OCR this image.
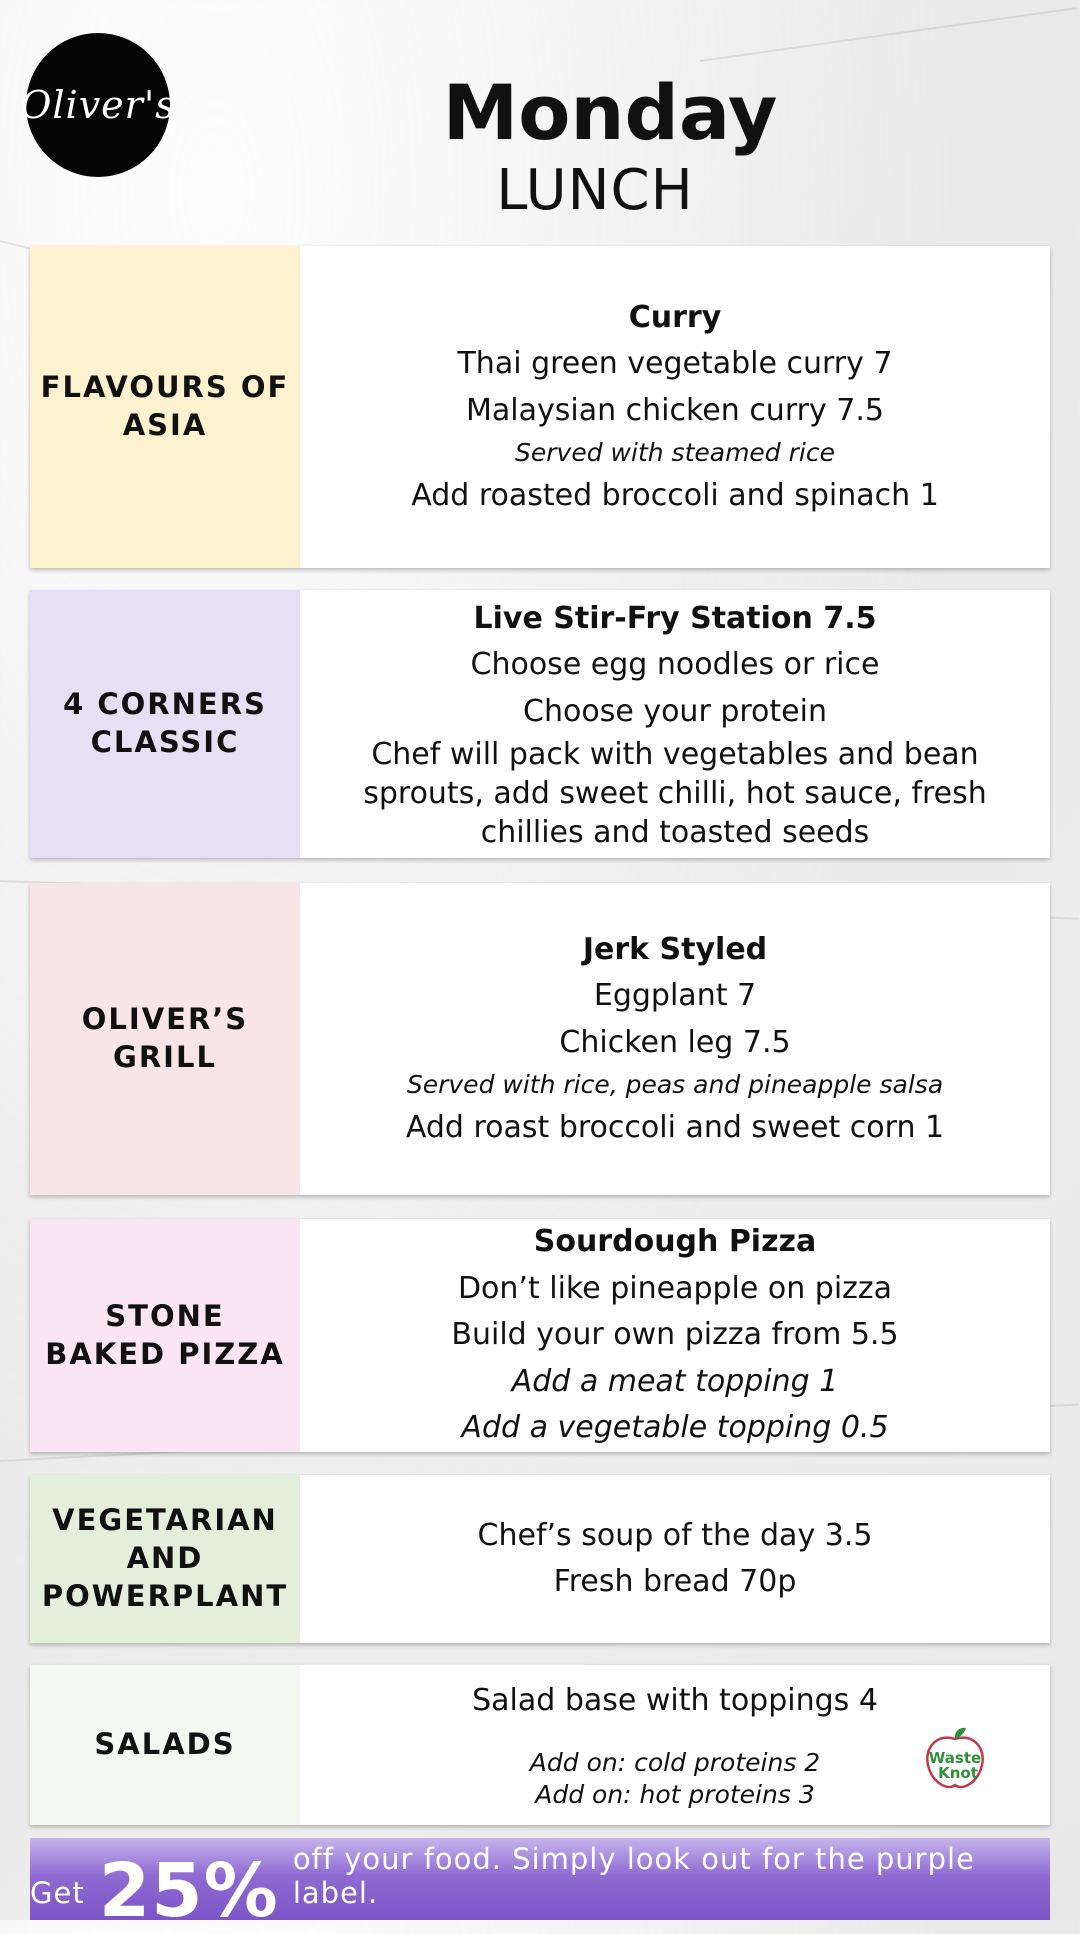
Oliver's	Monday
LUNCH
FLAVOURS OF ASIA
Curry
Thai green vegetable curry 7
Malaysian chicken curry 7.5
Served with steamed rice
Add roasted broccoli and spinach 1
4 CORNERS CLASSIC
Live Stir-Fry Station 7.5
Choose egg noodles or rice
Choose your protein
Chef will pack with vegetables and bean sprouts, add sweet chilli, hot sauce, fresh chillies and toasted seeds
OLIVER’S GRILL
Jerk Styled
Eggplant 7
Chicken leg 7.5
Served with rice, peas and pineapple salsa
Add roast broccoli and sweet corn 1
STONE BAKED PIZZA
Sourdough Pizza
Don’t like pineapple on pizza
Build your own pizza from 5.5
Add a meat topping 1
Add a vegetable topping 0.5
VEGETARIAN AND POWERPLANT
Chef’s soup of the day 3.5
Fresh bread 70p
SALADS
Salad base with toppings 4
Add on: cold proteins 2
Add on: hot proteins 3
Waste
Knot
Get 25% off your food. Simply look out for the purple label.
